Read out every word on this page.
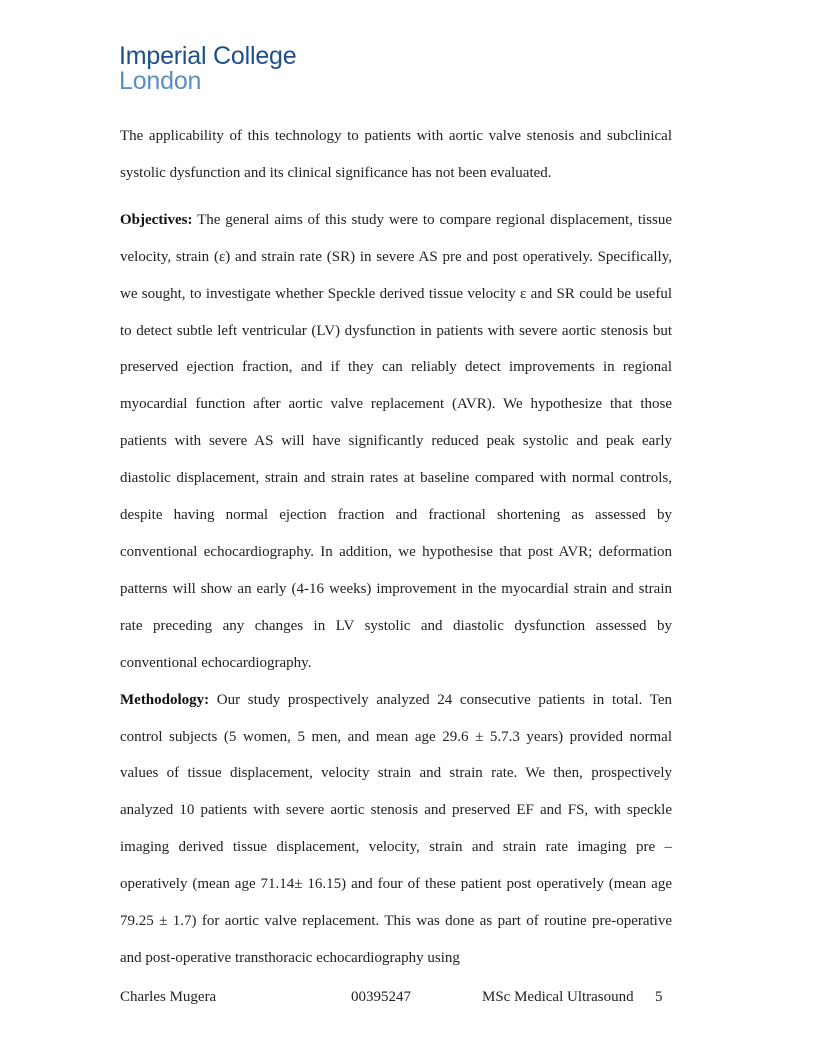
Imperial College
London

The applicability of this technology to patients with aortic valve stenosis and subclinical systolic dysfunction and its clinical significance has not been evaluated.

Objectives: The general aims of this study were to compare regional displacement, tissue velocity, strain (ε) and strain rate (SR) in severe AS pre and post operatively. Specifically, we sought, to investigate whether Speckle derived tissue velocity ε and SR could be useful to detect subtle left ventricular (LV) dysfunction in patients with severe aortic stenosis but preserved ejection fraction, and if they can reliably detect improvements in regional myocardial function after aortic valve replacement (AVR). We hypothesize that those patients with severe AS will have significantly reduced peak systolic and peak early diastolic displacement, strain and strain rates at baseline compared with normal controls, despite having normal ejection fraction and fractional shortening as assessed by conventional echocardiography. In addition, we hypothesise that post AVR; deformation patterns will show an early (4-16 weeks) improvement in the myocardial strain and strain rate preceding any changes in LV systolic and diastolic dysfunction assessed by conventional echocardiography.

Methodology: Our study prospectively analyzed 24 consecutive patients in total. Ten control subjects (5 women, 5 men, and mean age 29.6 ± 5.7.3 years) provided normal values of tissue displacement, velocity strain and strain rate. We then, prospectively analyzed 10 patients with severe aortic stenosis and preserved EF and FS, with speckle imaging derived tissue displacement, velocity, strain and strain rate imaging pre –operatively (mean age 71.14± 16.15) and four of these patient post operatively (mean age 79.25 ± 1.7) for aortic valve replacement. This was done as part of routine pre-operative and post-operative transthoracic echocardiography using

Charles Mugera	00395247	MSc Medical Ultrasound 5
